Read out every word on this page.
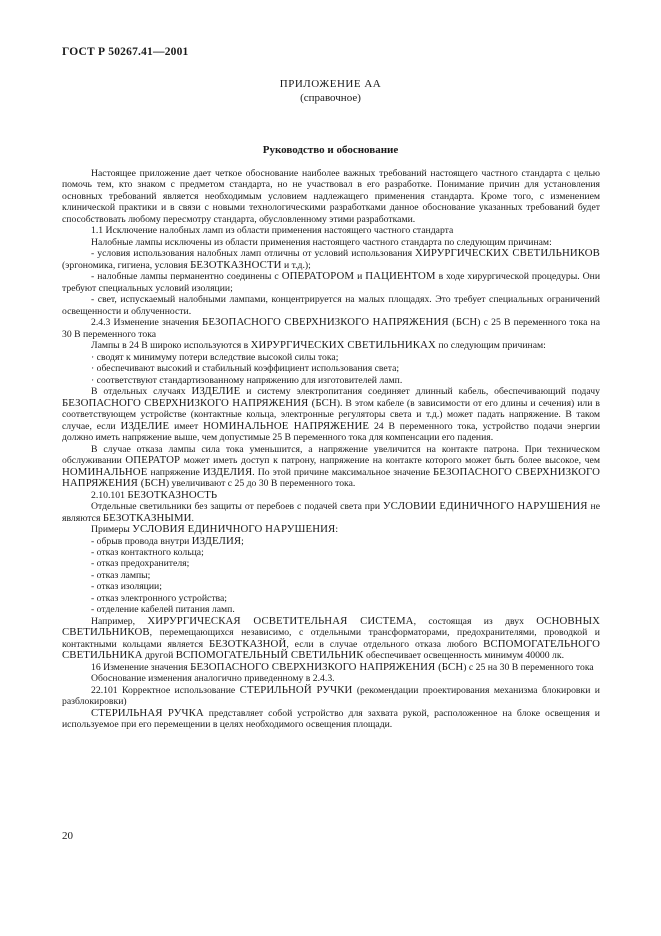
ГОСТ Р 50267.41—2001
ПРИЛОЖЕНИЕ АА
(справочное)
Руководство и обоснование

Настоящее приложение дает четкое обоснование наиболее важных требований настоящего частного стандарта с целью помочь тем, кто знаком с предметом стандарта, но не участвовал в его разработке. Понимание причин для установления основных требований является необходимым условием надлежащего применения стандарта. Кроме того, с изменением клинической практики и в связи с новыми технологическими разработками данное обоснование указанных требований будет способствовать любому пересмотру стандарта, обусловленному этими разработками.

1.1 Исключение налобных ламп из области применения настоящего частного стандарта

Налобные лампы исключены из области применения настоящего частного стандарта по следующим причинам:

- условия использования налобных ламп отличны от условий использования ХИРУРГИЧЕСКИХ СВЕТИЛЬНИКОВ (эргономика, гигиена, условия БЕЗОТКАЗНОСТИ и т.д.);

- налобные лампы перманентно соединены с ОПЕРАТОРОМ и ПАЦИЕНТОМ в ходе хирургической процедуры. Они требуют специальных условий изоляции;

- свет, испускаемый налобными лампами, концентрируется на малых площадях. Это требует специальных ограничений освещенности и облученности.

2.4.3 Изменение значения БЕЗОПАСНОГО СВЕРХНИЗКОГО НАПРЯЖЕНИЯ (БСН) с 25 В переменного тока на 30 В переменного тока

Лампы в 24 В широко используются в ХИРУРГИЧЕСКИХ СВЕТИЛЬНИКАХ по следующим причинам:

· сводят к минимуму потери вследствие высокой силы тока;

· обеспечивают высокий и стабильный коэффициент использования света;

· соответствуют стандартизованному напряжению для изготовителей ламп.

В отдельных случаях ИЗДЕЛИЕ и систему электропитания соединяет длинный кабель, обеспечивающий подачу БЕЗОПАСНОГО СВЕРХНИЗКОГО НАПРЯЖЕНИЯ (БСН). В этом кабеле (в зависимости от его длины и сечения) или в соответствующем устройстве (контактные кольца, электронные регуляторы света и т.д.) может падать напряжение. В таком случае, если ИЗДЕЛИЕ имеет НОМИНАЛЬНОЕ НАПРЯЖЕНИЕ 24 В переменного тока, устройство подачи энергии должно иметь напряжение выше, чем допустимые 25 В переменного тока для компенсации его падения.

В случае отказа лампы сила тока уменьшится, а напряжение увеличится на контакте патрона. При техническом обслуживании ОПЕРАТОР может иметь доступ к патрону, напряжение на контакте которого может быть более высокое, чем НОМИНАЛЬНОЕ напряжение ИЗДЕЛИЯ. По этой причине максимальное значение БЕЗОПАСНОГО СВЕРХНИЗКОГО НАПРЯЖЕНИЯ (БСН) увеличивают с 25 до 30 В переменного тока.

2.10.101 БЕЗОТКАЗНОСТЬ

Отдельные светильники без защиты от перебоев с подачей света при УСЛОВИИ ЕДИНИЧНОГО НАРУШЕНИЯ не являются БЕЗОТКАЗНЫМИ.

Примеры УСЛОВИЯ ЕДИНИЧНОГО НАРУШЕНИЯ:

- обрыв провода внутри ИЗДЕЛИЯ;

- отказ контактного кольца;

- отказ предохранителя;

- отказ лампы;

- отказ изоляции;

- отказ электронного устройства;

- отделение кабелей питания ламп.

Например, ХИРУРГИЧЕСКАЯ ОСВЕТИТЕЛЬНАЯ СИСТЕМА, состоящая из двух ОСНОВНЫХ СВЕТИЛЬНИКОВ, перемещающихся независимо, с отдельными трансформаторами, предохранителями, проводкой и контактными кольцами является БЕЗОТКАЗНОЙ, если в случае отдельного отказа любого ВСПОМОГАТЕЛЬНОГО СВЕТИЛЬНИКА другой ВСПОМОГАТЕЛЬНЫЙ СВЕТИЛЬНИК обеспечивает освещенность минимум 40000 лк.

16 Изменение значения БЕЗОПАСНОГО СВЕРХНИЗКОГО НАПРЯЖЕНИЯ (БСН) с 25 на 30 В переменного тока

Обоснование изменения аналогично приведенному в 2.4.3.

22.101 Корректное использование СТЕРИЛЬНОЙ РУЧКИ (рекомендации проектирования механизма блокировки и разблокировки)

СТЕРИЛЬНАЯ РУЧКА представляет собой устройство для захвата рукой, расположенное на блоке освещения и используемое при его перемещении в целях необходимого освещения площади.

20
